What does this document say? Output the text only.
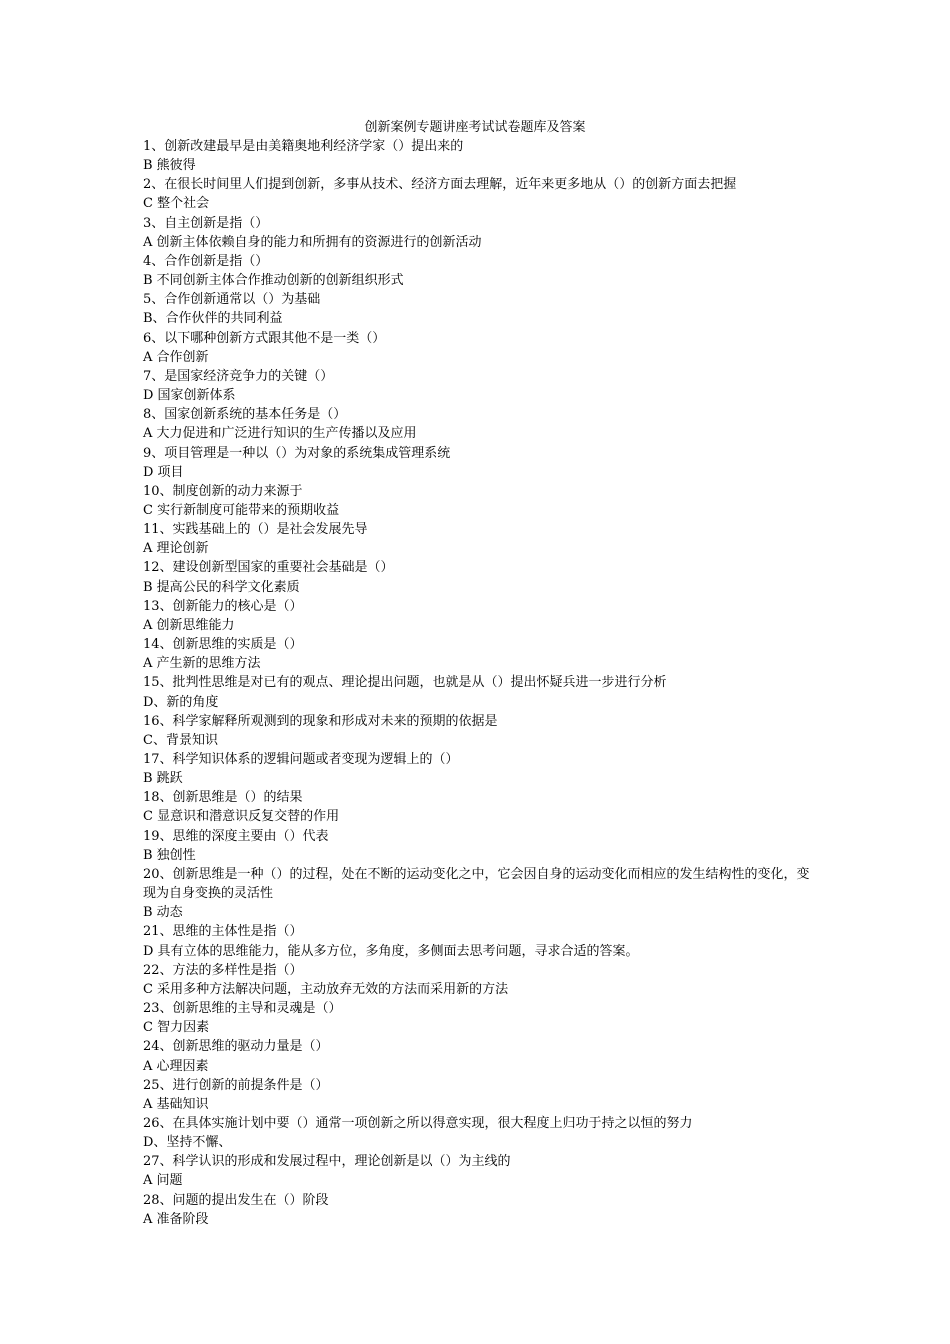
创新案例专题讲座考试试卷题库及答案
1、创新改建最早是由美籍奥地利经济学家（）提出来的
B 熊彼得
2、在很长时间里人们提到创新，多事从技术、经济方面去理解，近年来更多地从（）的创新方面去把握
C 整个社会
3、自主创新是指（）
A 创新主体依赖自身的能力和所拥有的资源进行的创新活动
4、合作创新是指（）
B 不同创新主体合作推动创新的创新组织形式
5、合作创新通常以（）为基础
B、合作伙伴的共同利益
6、以下哪种创新方式跟其他不是一类（）
A 合作创新
7、是国家经济竞争力的关键（）
D 国家创新体系
8、国家创新系统的基本任务是（）
A 大力促进和广泛进行知识的生产传播以及应用
9、项目管理是一种以（）为对象的系统集成管理系统
D 项目
10、制度创新的动力来源于
C 实行新制度可能带来的预期收益
11、实践基础上的（）是社会发展先导
A 理论创新
12、建设创新型国家的重要社会基础是（）
B 提高公民的科学文化素质
13、创新能力的核心是（）
A 创新思维能力
14、创新思维的实质是（）
A 产生新的思维方法
15、批判性思维是对已有的观点、理论提出问题，也就是从（）提出怀疑兵进一步进行分析
D、新的角度
16、科学家解释所观测到的现象和形成对未来的预期的依据是
C、背景知识
17、科学知识体系的逻辑问题或者变现为逻辑上的（）
B 跳跃
18、创新思维是（）的结果
C 显意识和潜意识反复交替的作用
19、思维的深度主要由（）代表
B 独创性
20、创新思维是一种（）的过程，处在不断的运动变化之中，它会因自身的运动变化而相应的发生结构性的变化，变现为自身变换的灵活性
B 动态
21、思维的主体性是指（）
D 具有立体的思维能力，能从多方位，多角度，多侧面去思考问题，寻求合适的答案。
22、方法的多样性是指（）
C 采用多种方法解决问题，主动放弃无效的方法而采用新的方法
23、创新思维的主导和灵魂是（）
C 智力因素
24、创新思维的驱动力量是（）
A 心理因素
25、进行创新的前提条件是（）
A 基础知识
26、在具体实施计划中要（）通常一项创新之所以得意实现，很大程度上归功于持之以恒的努力
D、坚持不懈、
27、科学认识的形成和发展过程中，理论创新是以（）为主线的
A 问题
28、问题的提出发生在（）阶段
A 准备阶段
